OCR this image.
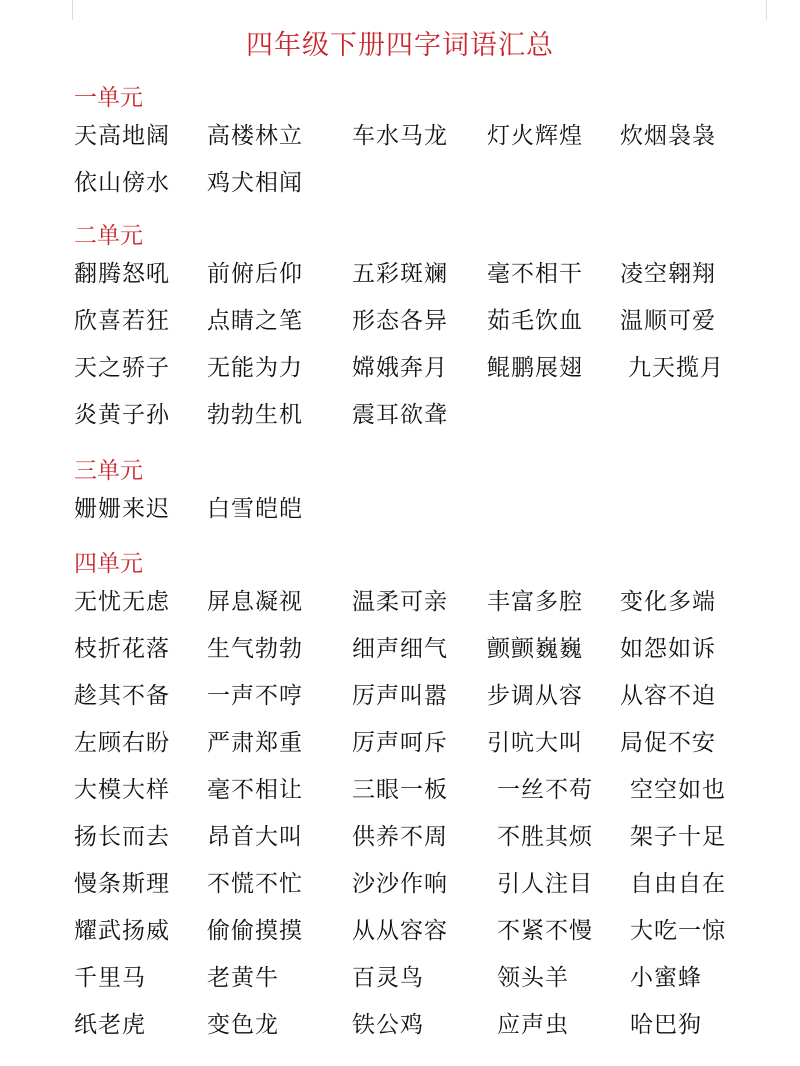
四年级下册四字词语汇总
一单元
天高地阔 高楼林立 车水马龙 灯火辉煌 炊烟袅袅
依山傍水 鸡犬相闻
二单元
翻腾怒吼 前俯后仰 五彩斑斓 毫不相干 凌空翱翔
欣喜若狂 点睛之笔 形态各异 茹毛饮血 温顺可爱
天之骄子 无能为力 嫦娥奔月 鲲鹏展翅 九天揽月
炎黄子孙 勃勃生机 震耳欲聋
三单元
姗姗来迟 白雪皑皑
四单元
无忧无虑 屏息凝视 温柔可亲 丰富多腔 变化多端
枝折花落 生气勃勃 细声细气 颤颤巍巍 如怨如诉
趁其不备 一声不哼 厉声叫嚣 步调从容 从容不迫
左顾右盼 严肃郑重 厉声呵斥 引吭大叫 局促不安
大模大样 毫不相让 三眼一板 一丝不苟 空空如也
扬长而去 昂首大叫 供养不周 不胜其烦 架子十足
慢条斯理 不慌不忙 沙沙作响 引人注目 自由自在
耀武扬威 偷偷摸摸 从从容容 不紧不慢 大吃一惊
千里马	老黄牛	百灵鸟	领头羊	小蜜蜂
纸老虎	变色龙	铁公鸡	应声虫	哈巴狗
